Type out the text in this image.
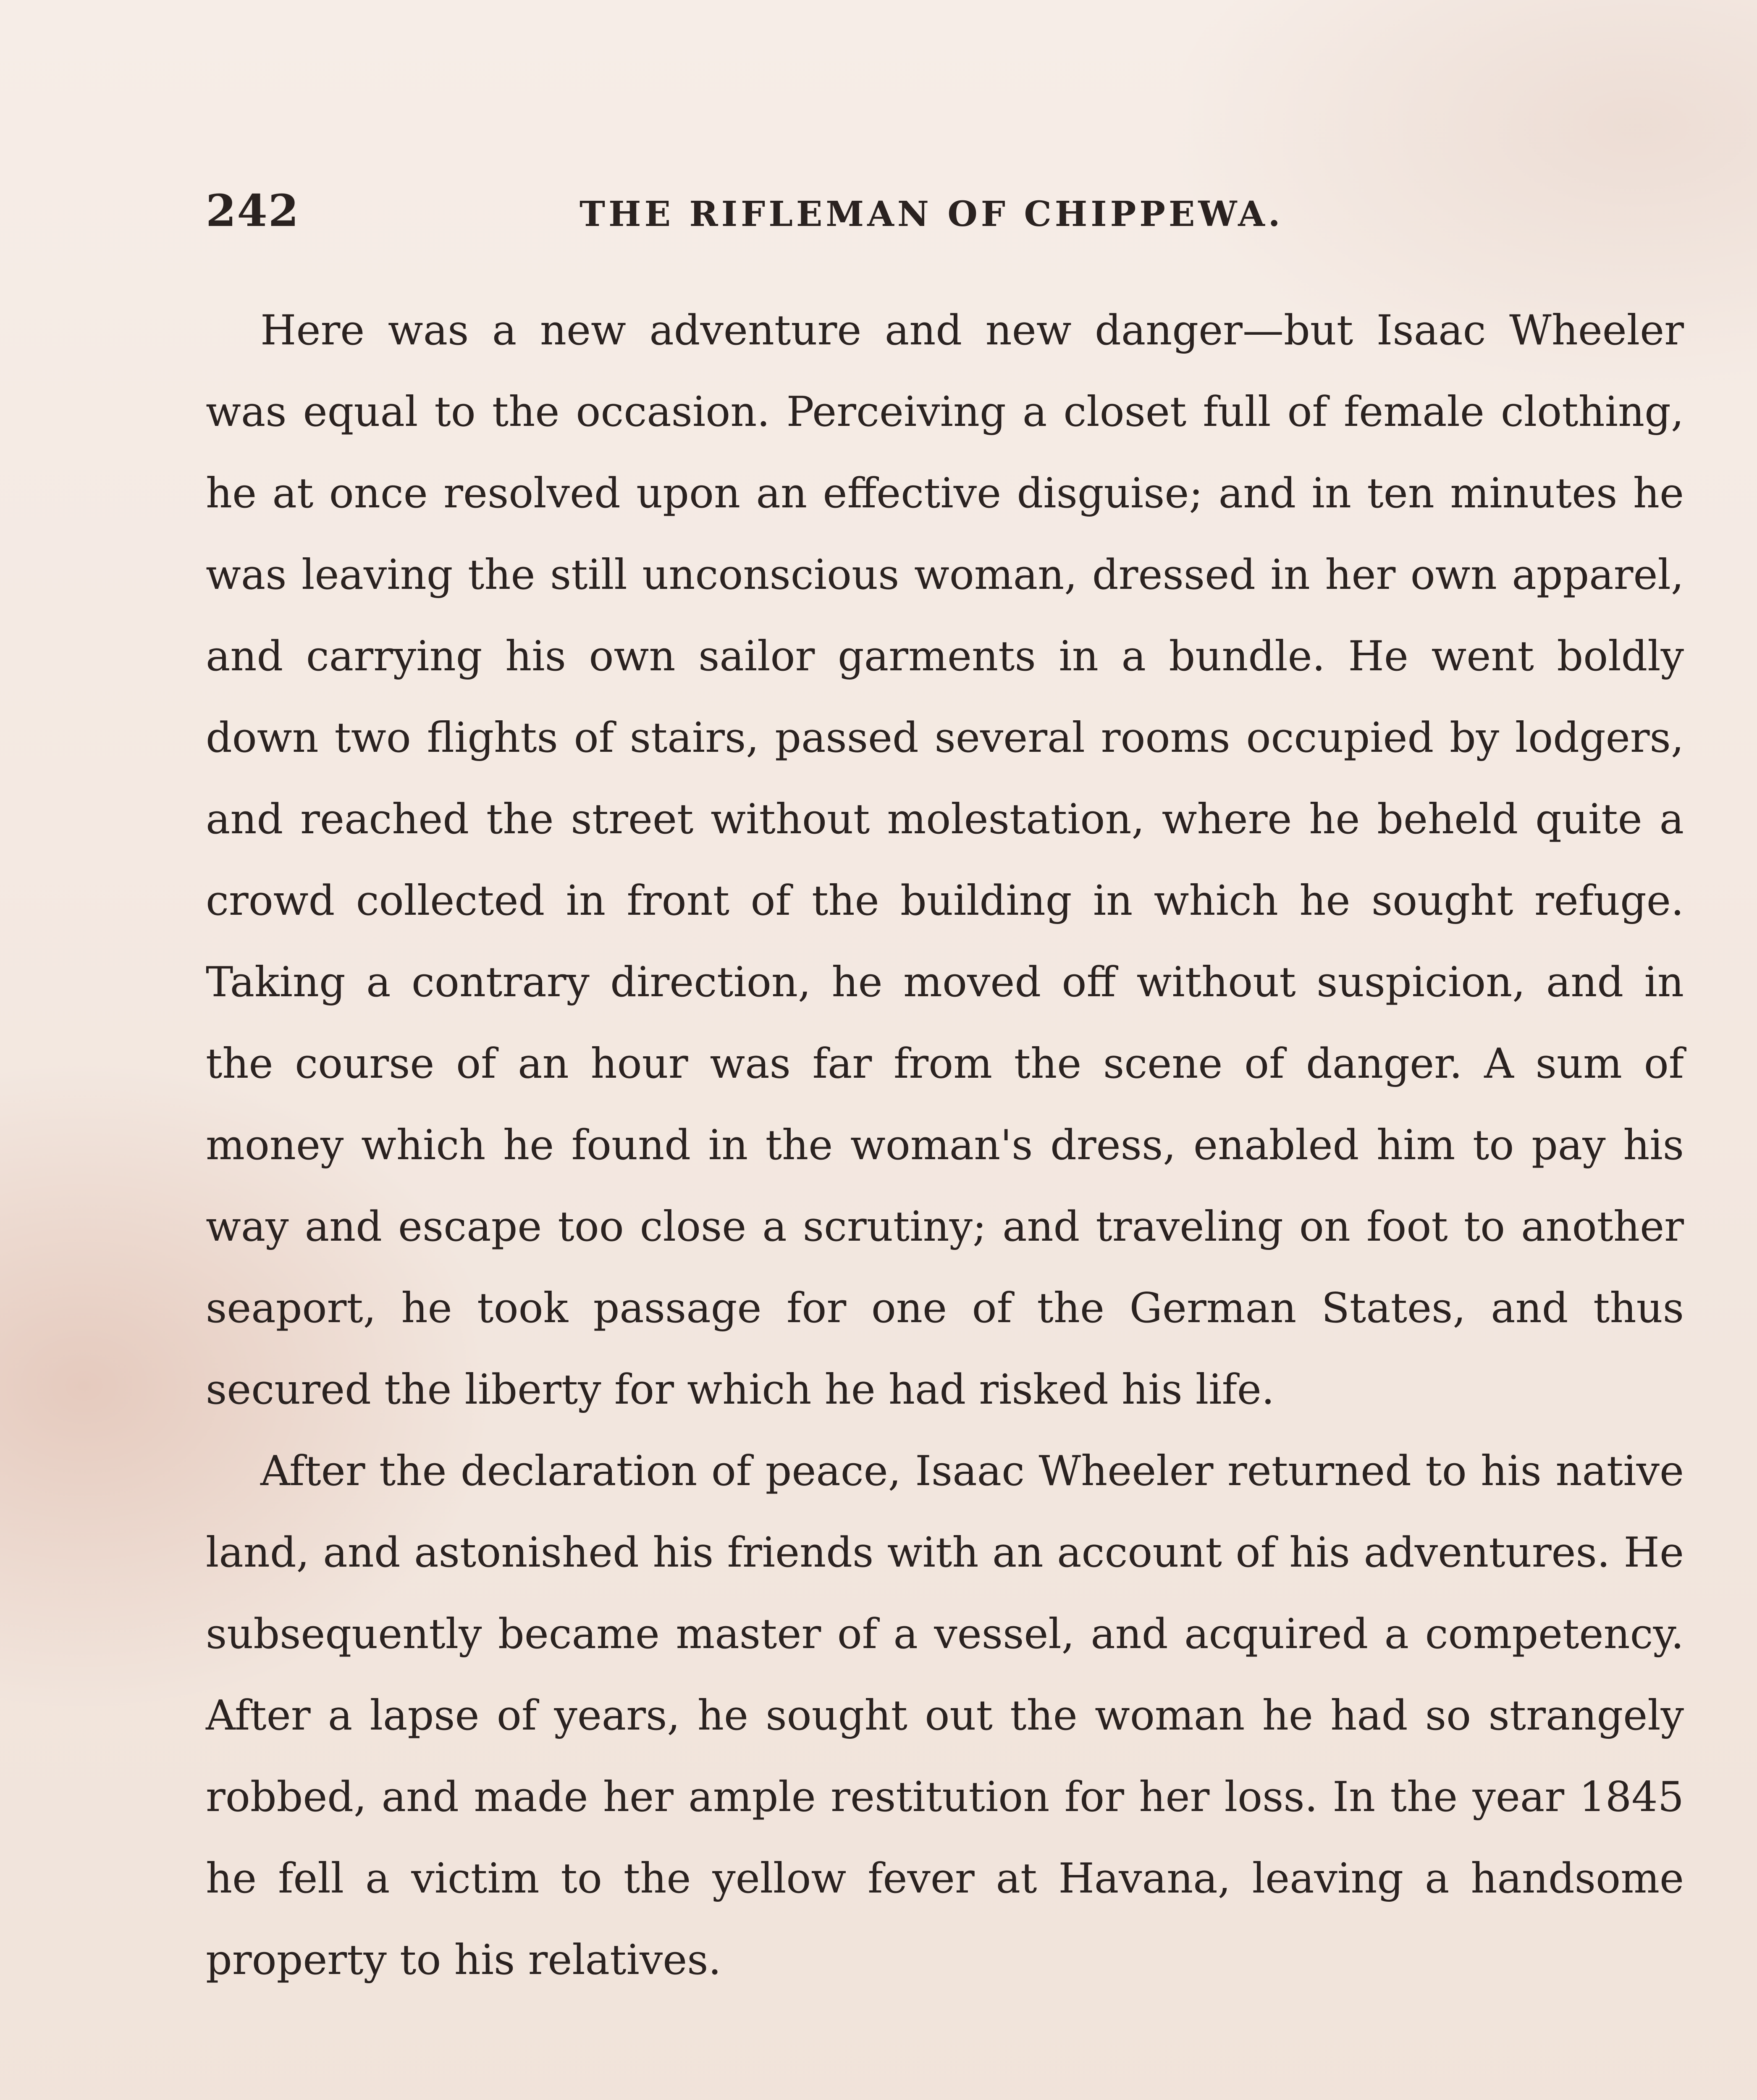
242	THE RIFLEMAN OF CHIPPEWA.

Here was a new adventure and new danger—but Isaac Wheeler was equal to the occasion. Perceiving a closet full of female clothing, he at once resolved upon an effective disguise; and in ten minutes he was leaving the still unconscious woman, dressed in her own apparel, and carrying his own sailor garments in a bundle. He went boldly down two flights of stairs, passed several rooms occupied by lodgers, and reached the street without molestation, where he beheld quite a crowd collected in front of the building in which he sought refuge. Taking a contrary direction, he moved off without suspicion, and in the course of an hour was far from the scene of danger. A sum of money which he found in the woman's dress, enabled him to pay his way and escape too close a scrutiny; and traveling on foot to another seaport, he took passage for one of the German States, and thus secured the liberty for which he had risked his life.

After the declaration of peace, Isaac Wheeler returned to his native land, and astonished his friends with an account of his adventures. He subsequently became master of a vessel, and acquired a competency. After a lapse of years, he sought out the woman he had so strangely robbed, and made her ample restitution for her loss. In the year 1845 he fell a victim to the yellow fever at Havana, leaving a handsome property to his relatives.
